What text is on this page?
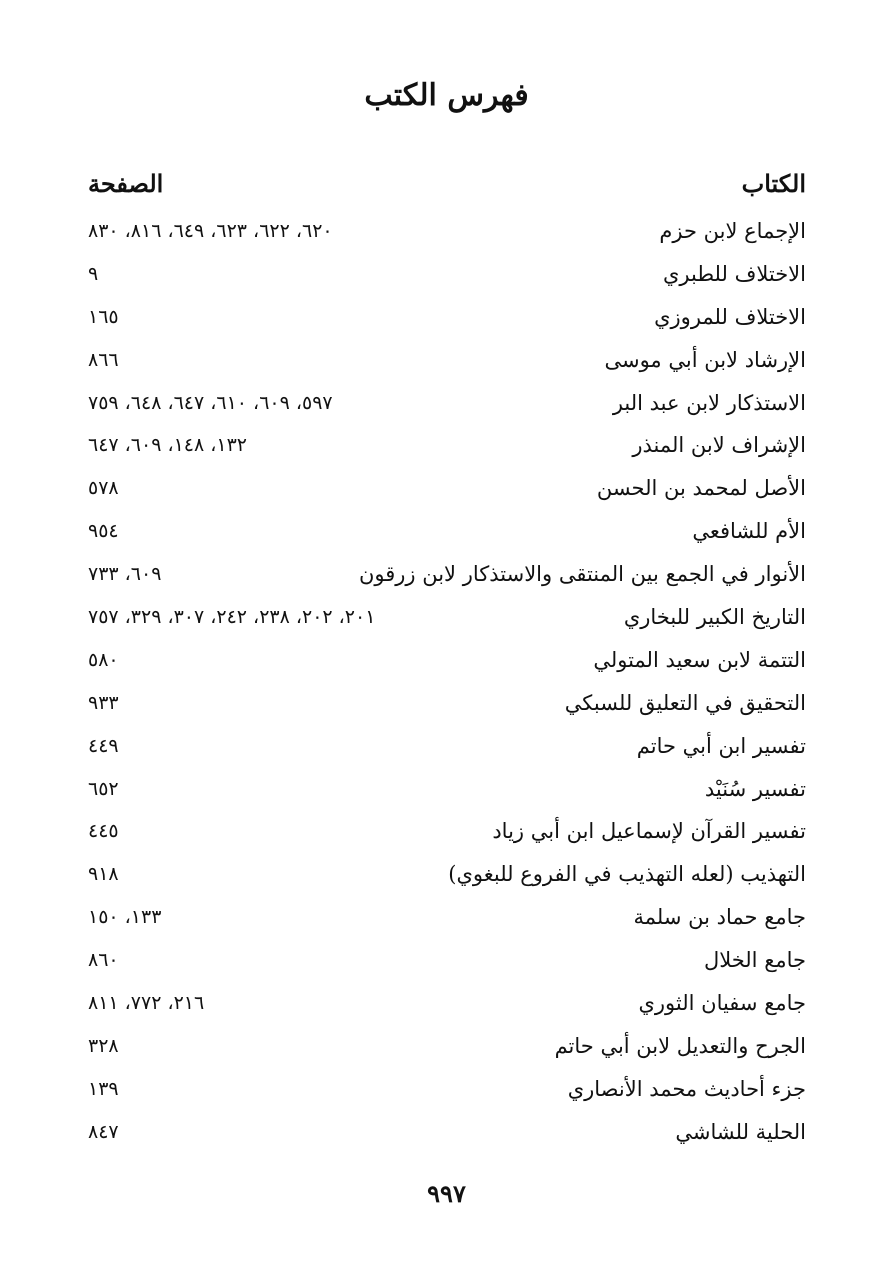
فهرس الكتب
الكتاب
الصفحة
الإجماع لابن حزم
٦٢٠، ٦٢٢، ٦٢٣، ٦٤٩، ٨١٦، ٨٣٠
الاختلاف للطبري
٩
الاختلاف للمروزي
١٦٥
الإرشاد لابن أبي موسى
٨٦٦
الاستذكار لابن عبد البر
٥٩٧، ٦٠٩، ٦١٠، ٦٤٧، ٦٤٨، ٧٥٩
الإشراف لابن المنذر
١٣٢، ١٤٨، ٦٠٩، ٦٤٧
الأصل لمحمد بن الحسن
٥٧٨
الأم للشافعي
٩٥٤
الأنوار في الجمع بين المنتقى والاستذكار لابن زرقون
٦٠٩، ٧٣٣
التاريخ الكبير للبخاري
٢٠١، ٢٠٢، ٢٣٨، ٢٤٢، ٣٠٧، ٣٢٩، ٧٥٧
التتمة لابن سعيد المتولي
٥٨٠
التحقيق في التعليق للسبكي
٩٣٣
تفسير ابن أبي حاتم
٤٤٩
تفسير سُنَيْد
٦٥٢
تفسير القرآن لإسماعيل ابن أبي زياد
٤٤٥
التهذيب (لعله التهذيب في الفروع للبغوي)
٩١٨
جامع حماد بن سلمة
١٣٣، ١٥٠
جامع الخلال
٨٦٠
جامع سفيان الثوري
٢١٦، ٧٧٢، ٨١١
الجرح والتعديل لابن أبي حاتم
٣٢٨
جزء أحاديث محمد الأنصاري
١٣٩
الحلية للشاشي
٨٤٧
٩٩٧
